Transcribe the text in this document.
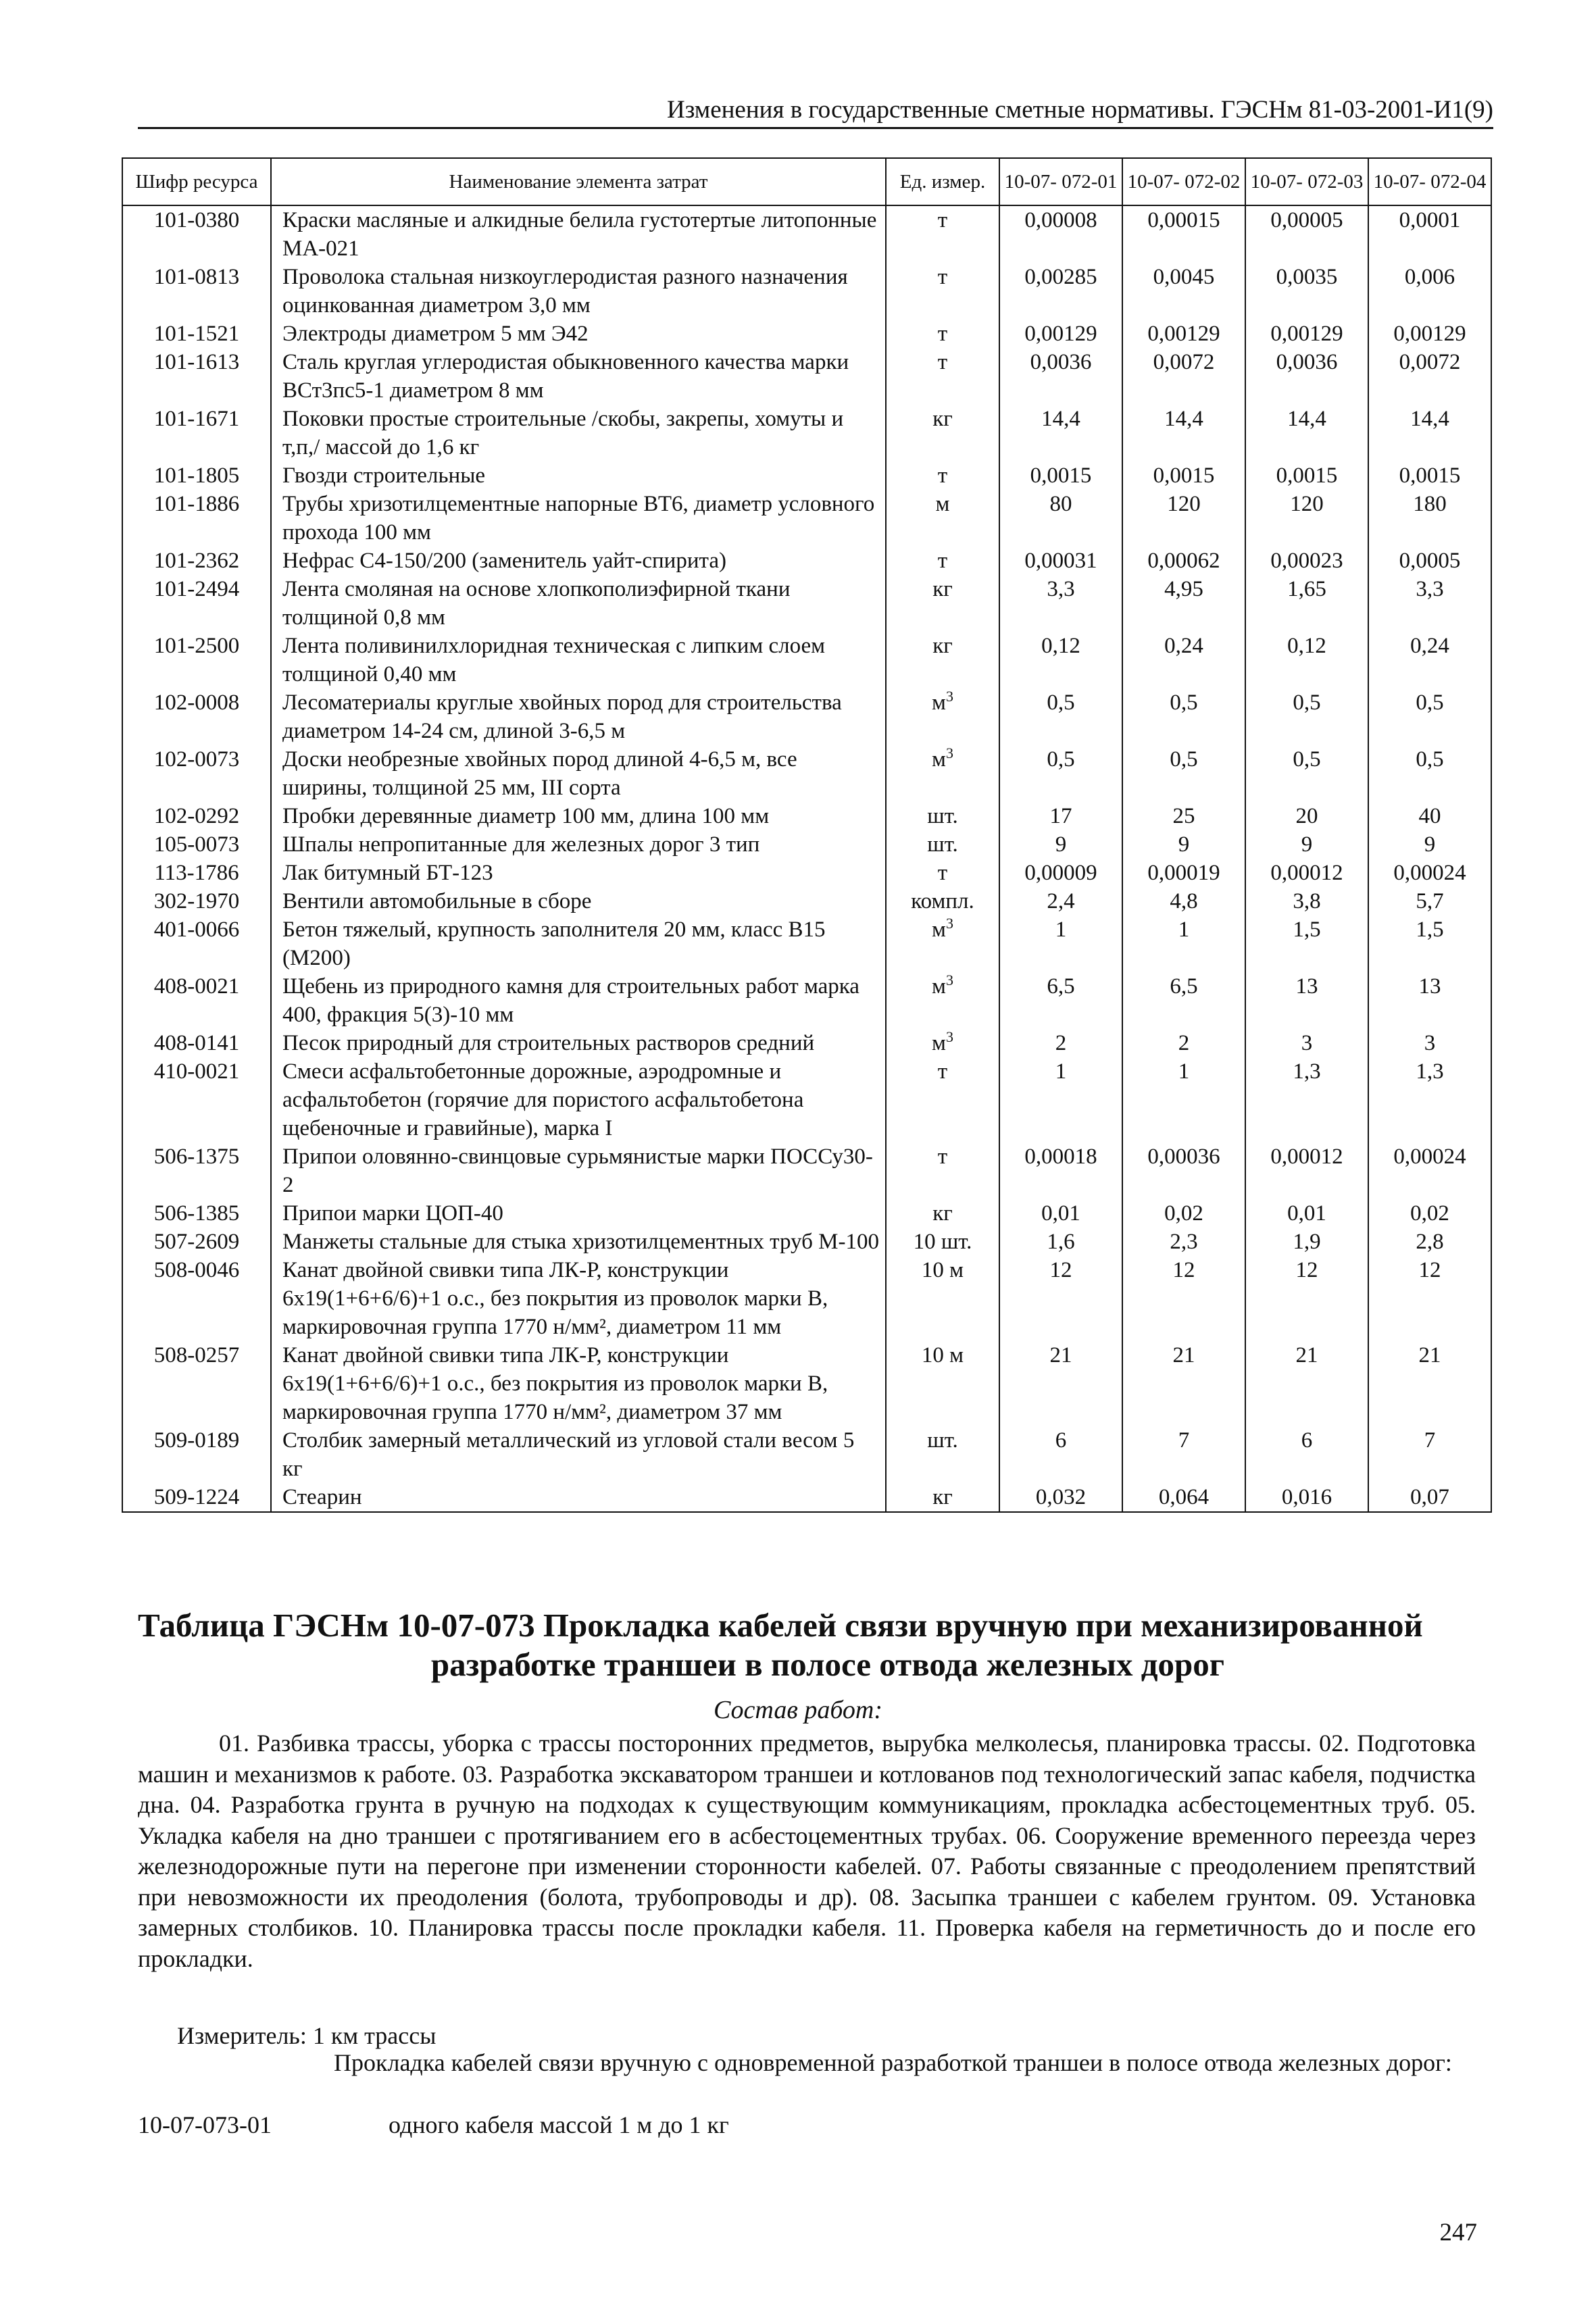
Изменения в государственные сметные нормативы. ГЭСНм 81-03-2001-И1(9)
Шифр ресурса	Наименование элемента затрат	Ед. измер.	10-07- 072-01	10-07- 072-02	10-07- 072-03	10-07- 072-04
101-0380	Краски масляные и алкидные белила густотертые литопонные МА-021	т	0,00008	0,00015	0,00005	0,0001
101-0813	Проволока стальная низкоуглеродистая разного назначения оцинкованная диаметром 3,0 мм	т	0,00285	0,0045	0,0035	0,006
101-1521	Электроды диаметром 5 мм Э42	т	0,00129	0,00129	0,00129	0,00129
101-1613	Сталь круглая углеродистая обыкновенного качества марки ВСт3пс5-1 диаметром 8 мм	т	0,0036	0,0072	0,0036	0,0072
101-1671	Поковки простые строительные /скобы, закрепы, хомуты и т,п,/ массой до 1,6 кг	кг	14,4	14,4	14,4	14,4
101-1805	Гвозди строительные	т	0,0015	0,0015	0,0015	0,0015
101-1886	Трубы хризотилцементные напорные ВТ6, диаметр условного прохода 100 мм	м	80	120	120	180
101-2362	Нефрас С4-150/200 (заменитель уайт-спирита)	т	0,00031	0,00062	0,00023	0,0005
101-2494	Лента смоляная на основе хлопкополиэфирной ткани толщиной 0,8 мм	кг	3,3	4,95	1,65	3,3
101-2500	Лента поливинилхлоридная техническая с липким слоем толщиной 0,40 мм	кг	0,12	0,24	0,12	0,24
102-0008	Лесоматериалы круглые хвойных пород для строительства диаметром 14-24 см, длиной 3-6,5 м	$м^3$	0,5	0,5	0,5	0,5
102-0073	Доски необрезные хвойных пород длиной 4-6,5 м, все ширины, толщиной 25 мм, III сорта	$м^3$	0,5	0,5	0,5	0,5
102-0292	Пробки деревянные диаметр 100 мм, длина 100 мм	шт.	17	25	20	40
105-0073	Шпалы непропитанные для железных дорог 3 тип	шт.	9	9	9	9
113-1786	Лак битумный БТ-123	т	0,00009	0,00019	0,00012	0,00024
302-1970	Вентили автомобильные в сборе	компл.	2,4	4,8	3,8	5,7
401-0066	Бетон тяжелый, крупность заполнителя 20 мм, класс В15 (М200)	$м^3$	1	1	1,5	1,5
408-0021	Щебень из природного камня для строительных работ марка 400, фракция 5(3)-10 мм	$м^3$	6,5	6,5	13	13
408-0141	Песок природный для строительных растворов средний	$м^3$	2	2	3	3
410-0021	Смеси асфальтобетонные дорожные, аэродромные и асфальтобетон (горячие для пористого асфальтобетона щебеночные и гравийные), марка I	т	1	1	1,3	1,3
506-1375	Припои оловянно-свинцовые сурьмянистые марки ПОССу30-2	т	0,00018	0,00036	0,00012	0,00024
506-1385	Припои марки ЦОП-40	кг	0,01	0,02	0,01	0,02
507-2609	Манжеты стальные для стыка хризотилцементных труб М-100	10 шт.	1,6	2,3	1,9	2,8
508-0046	Канат двойной свивки типа ЛК-Р, конструкции 6х19(1+6+6/6)+1 о.с., без покрытия из проволок марки В, маркировочная группа 1770 н/мм², диаметром 11 мм	10 м	12	12	12	12
508-0257	Канат двойной свивки типа ЛК-Р, конструкции 6х19(1+6+6/6)+1 о.с., без покрытия из проволок марки В, маркировочная группа 1770 н/мм², диаметром 37 мм	10 м	21	21	21	21
509-0189	Столбик замерный металлический из угловой стали весом 5 кг	шт.	6	7	6	7
509-1224	Стеарин	кг	0,032	0,064	0,016	0,07
Таблица ГЭСНм 10-07-073 Прокладка кабелей связи вручную при механизированной
разработке траншеи в полосе отвода железных дорог
Состав работ:
01. Разбивка трассы, уборка с трассы посторонних предметов, вырубка мелколесья, планировка трассы. 02. Подготовка машин и механизмов к работе. 03. Разработка экскаватором траншеи и котлованов под технологический запас кабеля, подчистка дна. 04. Разработка грунта в ручную на подходах к существующим коммуникациям, прокладка асбестоцементных труб. 05. Укладка кабеля на дно траншеи с протягиванием его в асбестоцементных трубах. 06. Сооружение временного переезда через железнодорожные пути на перегоне при изменении сторонности кабелей. 07. Работы связанные с преодолением препятствий при невозможности их преодоления (болота, трубопроводы и др). 08. Засыпка траншеи с кабелем грунтом. 09. Установка замерных столбиков. 10. Планировка трассы после прокладки кабеля. 11. Проверка кабеля на герметичность до и после его прокладки.
Измеритель: 1 км трассы
Прокладка кабелей связи вручную с одновременной разработкой траншеи в полосе отвода железных дорог:
10-07-073-01	одного кабеля массой 1 м до 1 кг
247
